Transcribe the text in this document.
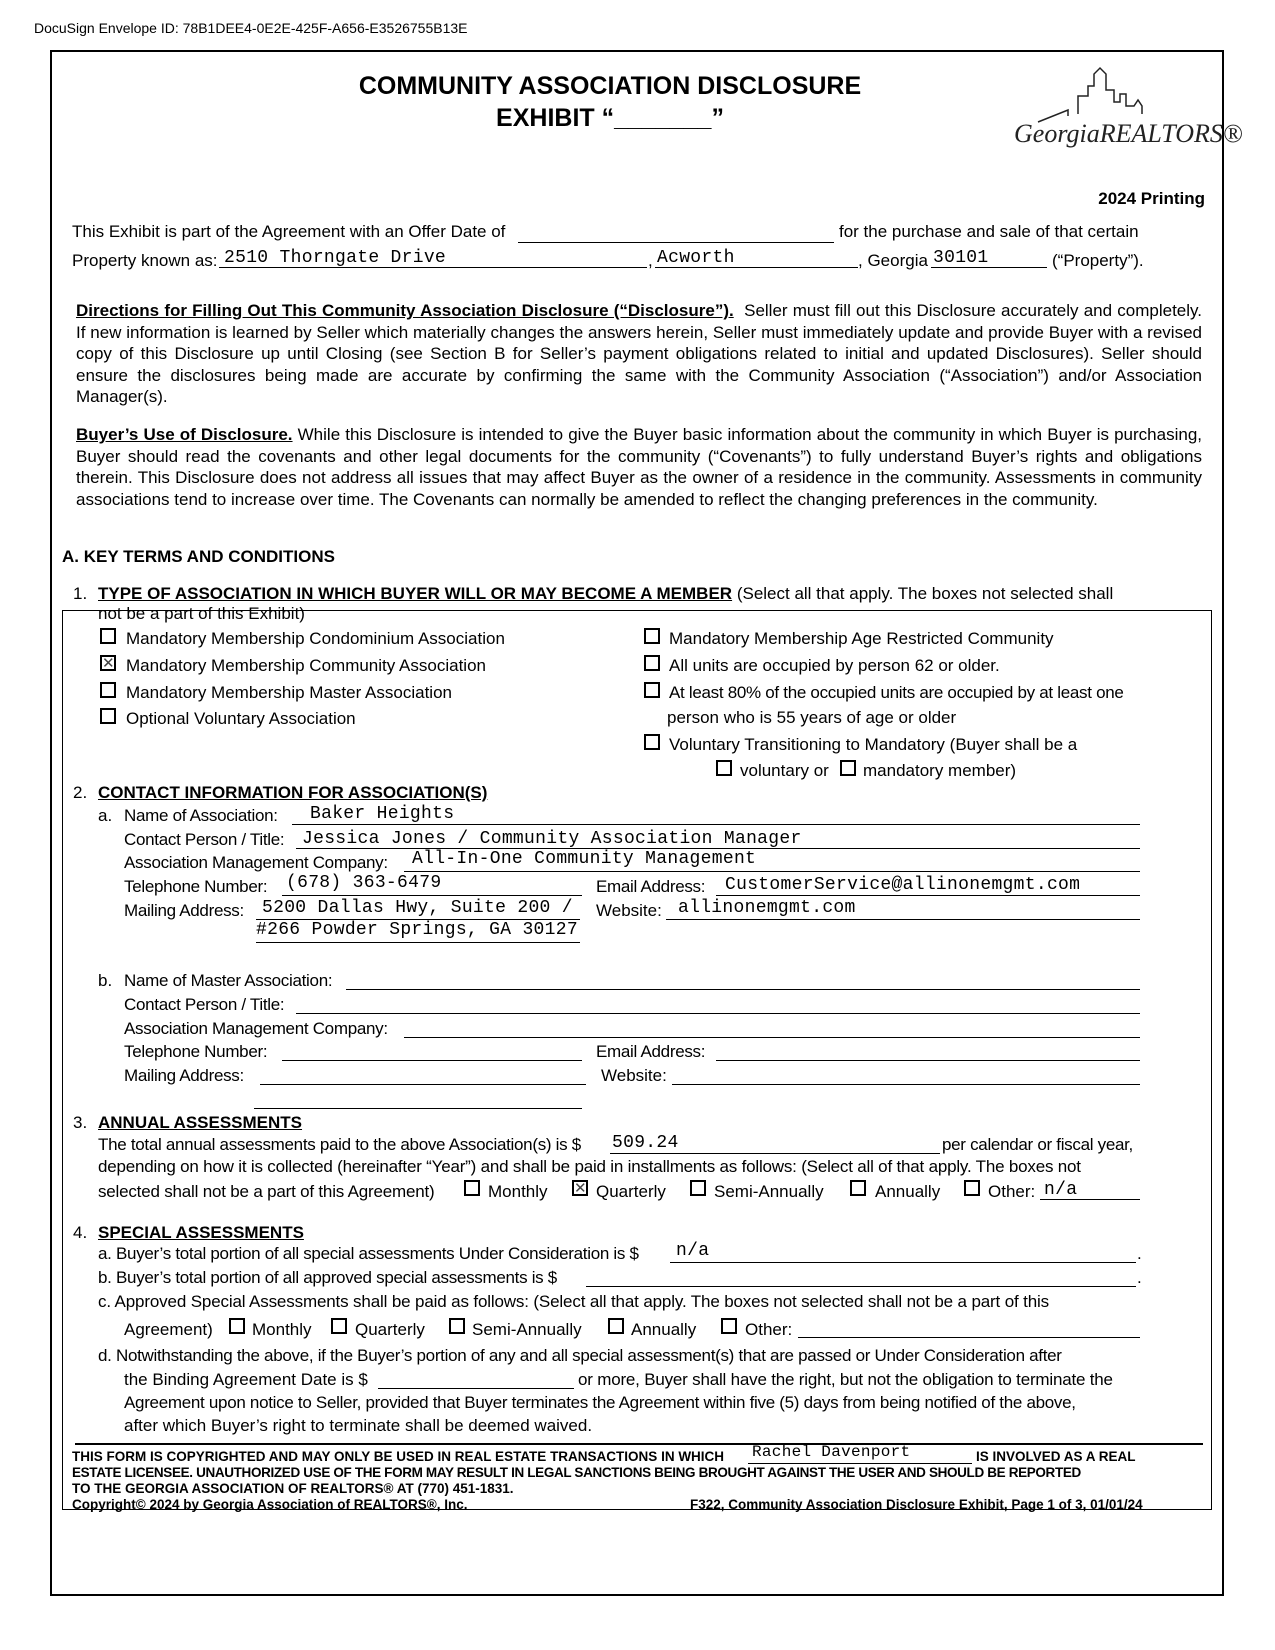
DocuSign Envelope ID: 78B1DEE4-0E2E-425F-A656-E3526755B13E
COMMUNITY ASSOCIATION DISCLOSURE
EXHIBIT “_______”
GeorgiaREALTORS®
2024 Printing
This Exhibit is part of the Agreement with an Offer Date of	for the purchase and sale of that certain
Property known as: 2510 Thorngate Drive	, Acworth	, Georgia 30101	(“Property”).
Directions for Filling Out This Community Association Disclosure (“Disclosure”). Seller must fill out this Disclosure accurately and completely. If new information is learned by Seller which materially changes the answers herein, Seller must immediately update and provide Buyer with a revised copy of this Disclosure up until Closing (see Section B for Seller’s payment obligations related to initial and updated Disclosures). Seller should ensure the disclosures being made are accurate by confirming the same with the Community Association (“Association”) and/or Association Manager(s).
Buyer’s Use of Disclosure. While this Disclosure is intended to give the Buyer basic information about the community in which Buyer is purchasing, Buyer should read the covenants and other legal documents for the community (“Covenants”) to fully understand Buyer’s rights and obligations therein. This Disclosure does not address all issues that may affect Buyer as the owner of a residence in the community. Assessments in community associations tend to increase over time. The Covenants can normally be amended to reflect the changing preferences in the community.
A. KEY TERMS AND CONDITIONS
1. TYPE OF ASSOCIATION IN WHICH BUYER WILL OR MAY BECOME A MEMBER (Select all that apply. The boxes not selected shall
not be a part of this Exhibit)
Mandatory Membership Condominium Association
✕
Mandatory Membership Community Association
Mandatory Membership Master Association
Optional Voluntary Association
Mandatory Membership Age Restricted Community
All units are occupied by person 62 or older.
At least 80% of the occupied units are occupied by at least one
person who is 55 years of age or older
Voluntary Transitioning to Mandatory (Buyer shall be a
voluntary or mandatory member)
2. CONTACT INFORMATION FOR ASSOCIATION(S)
a. Name of Association: Baker Heights
Contact Person / Title: Jessica Jones / Community Association Manager
Association Management Company: All-In-One Community Management
Telephone Number: (678) 363-6479	Email Address: CustomerService@allinonemgmt.com
Mailing Address: 5200 Dallas Hwy, Suite 200 /
#266 Powder Springs, GA 30127
Website: allinonemgmt.com
b. Name of Master Association:
Contact Person / Title:
Association Management Company:
Telephone Number:	Email Address:
Mailing Address:	Website:
3. ANNUAL ASSESSMENTS
The total annual assessments paid to the above Association(s) is $ 509.24	per calendar or fiscal year,
depending on how it is collected (hereinafter “Year”) and shall be paid in installments as follows: (Select all of that apply. The boxes not
selected shall not be a part of this Agreement)	Monthly
✕	Quarterly	Semi-Annually	Annually	Other: n/a
4. SPECIAL ASSESSMENTS
a. Buyer’s total portion of all special assessments Under Consideration is $ n/a	.
b. Buyer’s total portion of all approved special assessments is $	.
c. Approved Special Assessments shall be paid as follows: (Select all that apply. The boxes not selected shall not be a part of this
Agreement) Monthly	Quarterly	Semi-Annually	Annually	Other:
d. Notwithstanding the above, if the Buyer’s portion of any and all special assessment(s) that are passed or Under Consideration after
the Binding Agreement Date is $	or more, Buyer shall have the right, but not the obligation to terminate the
Agreement upon notice to Seller, provided that Buyer terminates the Agreement within five (5) days from being notified of the above,
after which Buyer’s right to terminate shall be deemed waived.
THIS FORM IS COPYRIGHTED AND MAY ONLY BE USED IN REAL ESTATE TRANSACTIONS IN WHICH Rachel Davenport	IS INVOLVED AS A REAL
ESTATE LICENSEE. UNAUTHORIZED USE OF THE FORM MAY RESULT IN LEGAL SANCTIONS BEING BROUGHT AGAINST THE USER AND SHOULD BE REPORTED
TO THE GEORGIA ASSOCIATION OF REALTORS® AT (770) 451-1831.
Copyright© 2024 by Georgia Association of REALTORS®, Inc.	F322, Community Association Disclosure Exhibit, Page 1 of 3, 01/01/24
